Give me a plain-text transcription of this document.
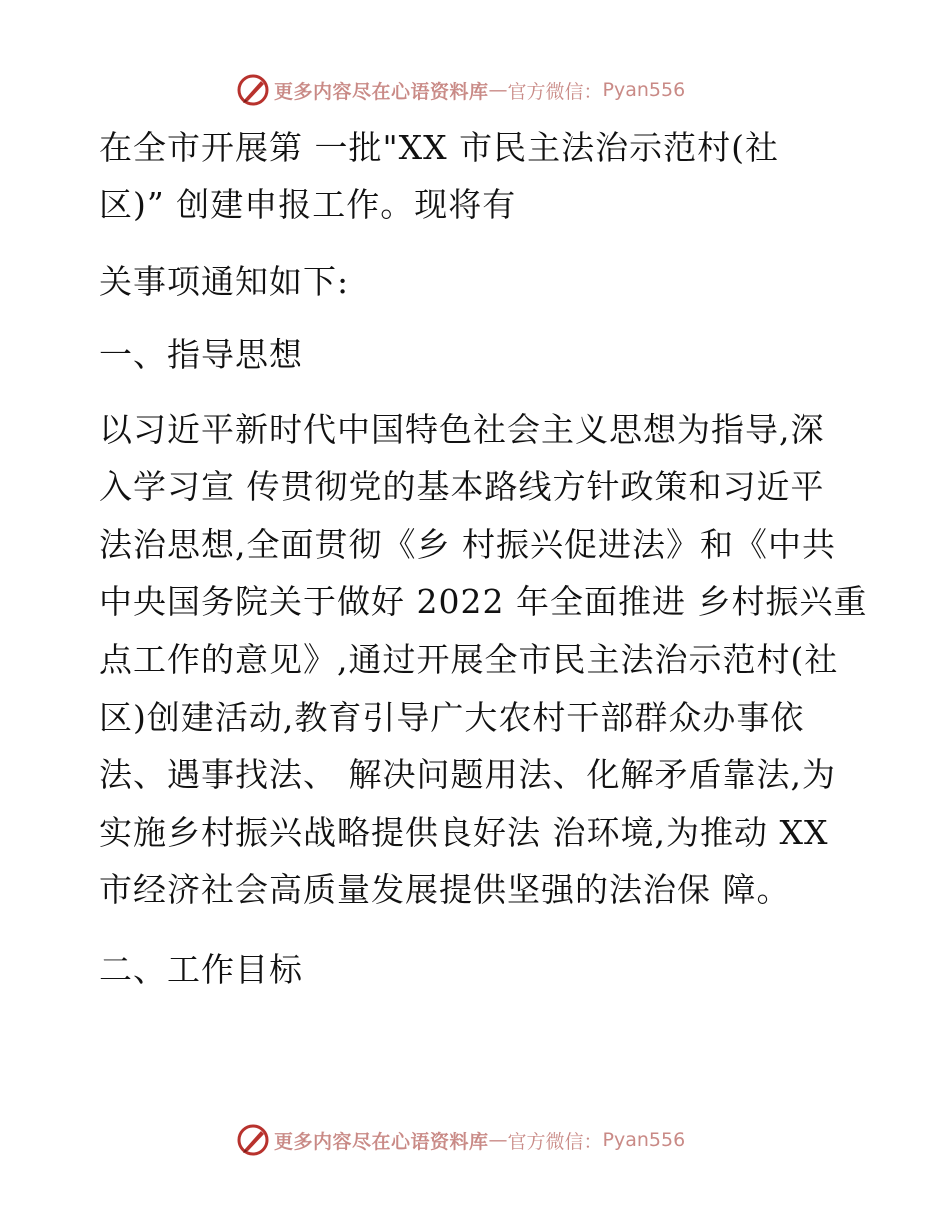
更多内容尽在心语资料库 — 官方微信： Pyan556

在全市开展第 一批"XX 市民主法治示范村(社

区)” 创建申报工作。现将有

关事项通知如下:

一、指导思想

以习近平新时代中国特色社会主义思想为指导,深

入学习宣 传贯彻党的基本路线方针政策和习近平

法治思想,全面贯彻《乡 村振兴促进法》和《中共

中央国务院关于做好 2022 年全面推进 乡村振兴重

点工作的意见》,通过开展全市民主法治示范村(社

区)创建活动,教育引导广大农村干部群众办事依

法、遇事找法、 解决问题用法、化解矛盾靠法,为

实施乡村振兴战略提供良好法 治环境,为推动 XX

市经济社会高质量发展提供坚强的法治保 障。

二、工作目标

更多内容尽在心语资料库 — 官方微信： Pyan556
